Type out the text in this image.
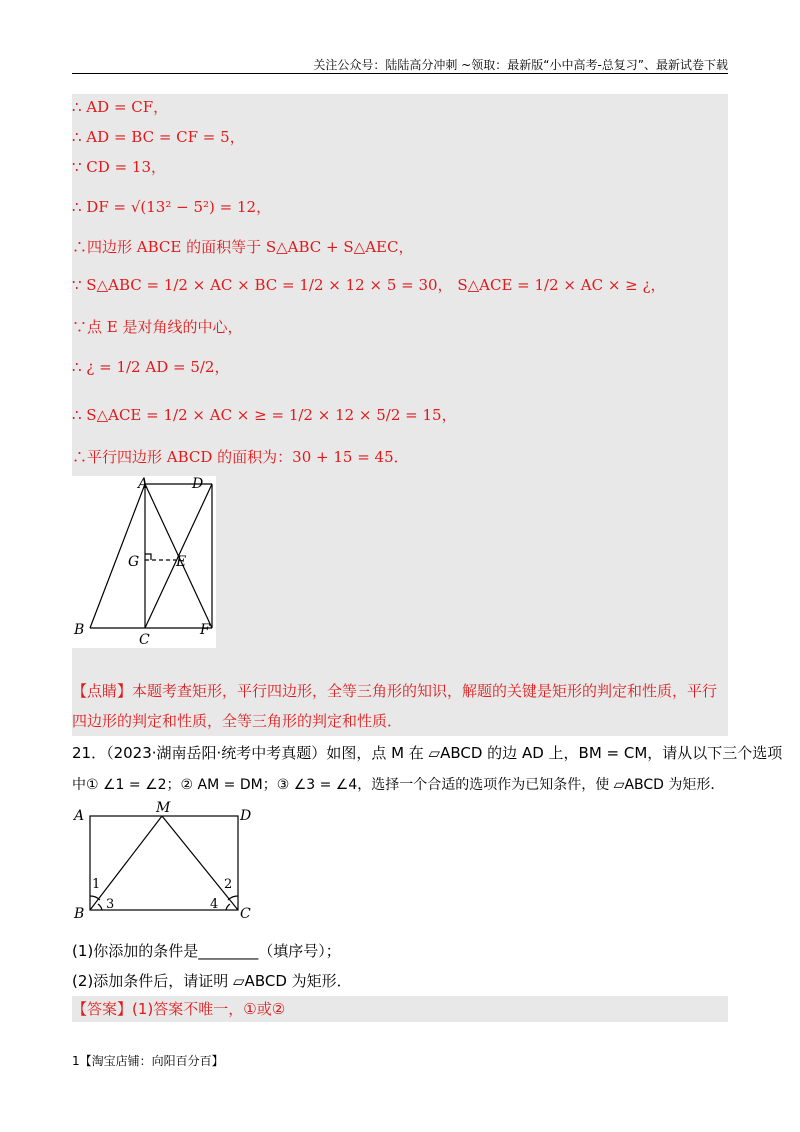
关注公众号：陆陆高分冲刺 ~领取：最新版“小中高考-总复习”、最新试卷下载
∴ AD = CF，
∴ AD = BC = CF = 5，
∵ CD = 13，
∴ DF = √(13² − 5²) = 12，
∴四边形 ABCE 的面积等于 S△ABC + S△AEC，
∵ S△ABC = 1/2 × AC × BC = 1/2 × 12 × 5 = 30， S△ACE = 1/2 × AC × ≥ ¿，
∵点 E 是对角线的中心，
∴ ¿ = 1/2 AD = 5/2，
∴ S△ACE = 1/2 × AC × ≥ = 1/2 × 12 × 5/2 = 15，
∴平行四边形 ABCD 的面积为：30 + 15 = 45．
A	D
G	E
B
C
F
【点睛】本题考查矩形，平行四边形，全等三角形的知识，解题的关键是矩形的判定和性质，平行四边形的判定和性质，全等三角形的判定和性质．
21．（2023·湖南岳阳·统考中考真题）如图，点 M 在 ▱ABCD 的边 AD 上，BM = CM，请从以下三个选项
中① ∠1 = ∠2；② AM = DM；③ ∠3 = ∠4，选择一个合适的选项作为已知条件，使 ▱ABCD 为矩形．
M
A	D
1	2
B
3	4
C
(1)你添加的条件是________（填序号）；
(2)添加条件后，请证明 ▱ABCD 为矩形．
【答案】(1)答案不唯一，①或②
1【淘宝店铺：向阳百分百】
